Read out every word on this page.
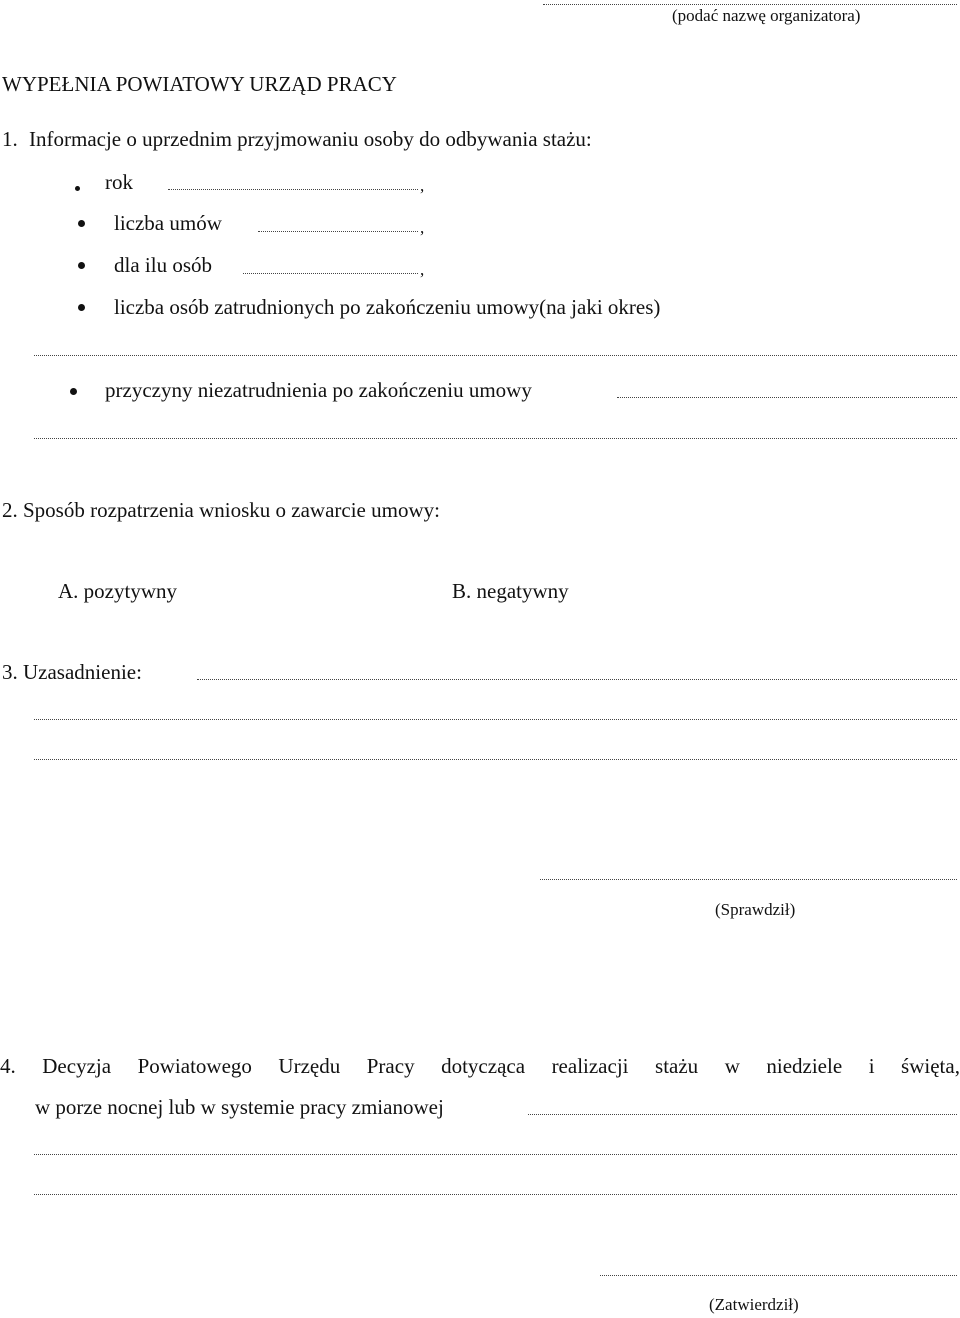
(podać nazwę organizatora)
WYPEŁNIA POWIATOWY URZĄD PRACY
1. Informacje o uprzednim przyjmowaniu osoby do odbywania stażu:
rok	,
liczba umów	,
dla ilu osób	,
liczba osób zatrudnionych po zakończeniu umowy(na jaki okres)
przyczyny niezatrudnienia po zakończeniu umowy
2. Sposób rozpatrzenia wniosku o zawarcie umowy:
A. pozytywny	B. negatywny
3. Uzasadnienie:
(Sprawdził)
4. Decyzja Powiatowego Urzędu Pracy dotycząca realizacji stażu w niedziele i święta,
w porze nocnej lub w systemie pracy zmianowej
(Zatwierdził)
